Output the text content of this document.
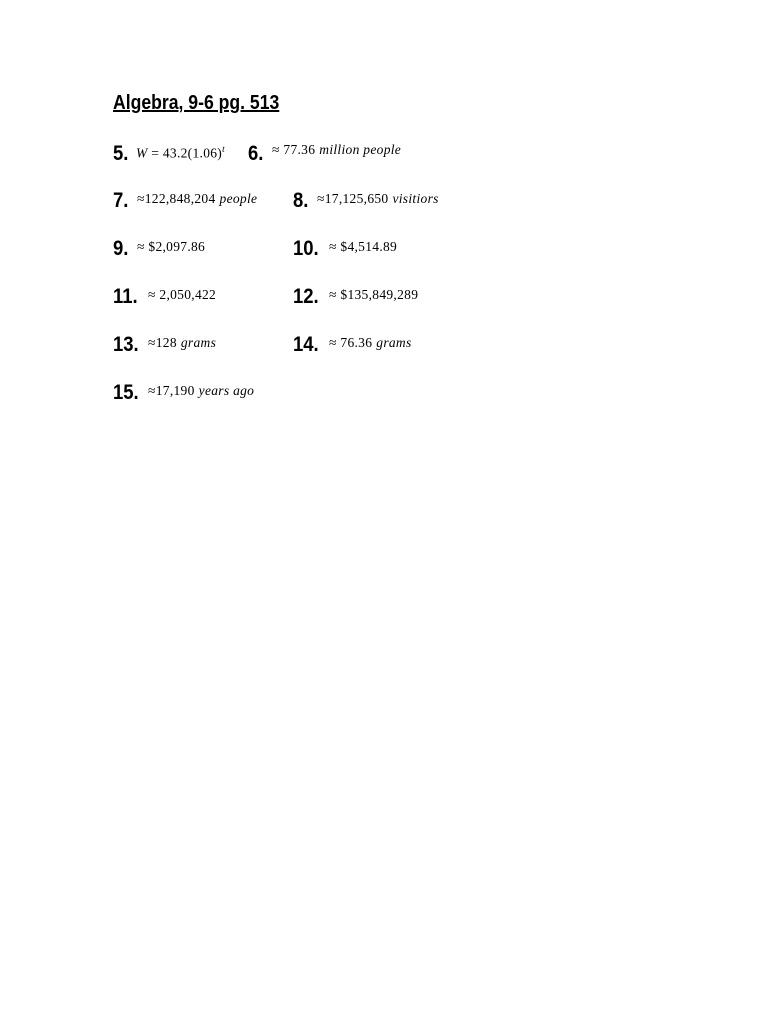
Algebra, 9-6 pg. 513
5. $W = 43.2(1.06)^t$ 6. ≈ 77.36 million people
7. ≈122,848,204 people 8. ≈17,125,650 visitiors
9. ≈ $2,097.86	10. ≈ $4,514.89
11. ≈ 2,050,422	12. ≈ $135,849,289
13. ≈128 grams	14. ≈ 76.36 grams
15. ≈17,190 years ago
